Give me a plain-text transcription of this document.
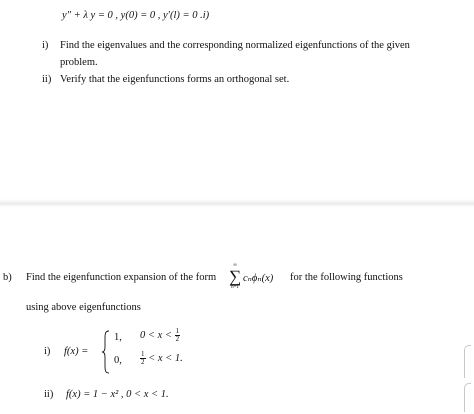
y″ + λ y = 0 , y(0) = 0 , y′(l) = 0 .i)
i) Find the eigenvalues and the corresponding normalized eigenfunctions of the given
problem.
ii) Verify that the eigenfunctions forms an orthogonal set.
b) Find the eigenfunction expansion of the form
∞
∑
n=1
cₙϕₙ(x) for the following functions
using above eigenfunctions
i) f(x) =
1, $0 < x < \frac{1}{2}$
0,	$\frac{1}{2} < x < 1$.
ii) f(x) = 1 − x² , 0 < x < 1.
